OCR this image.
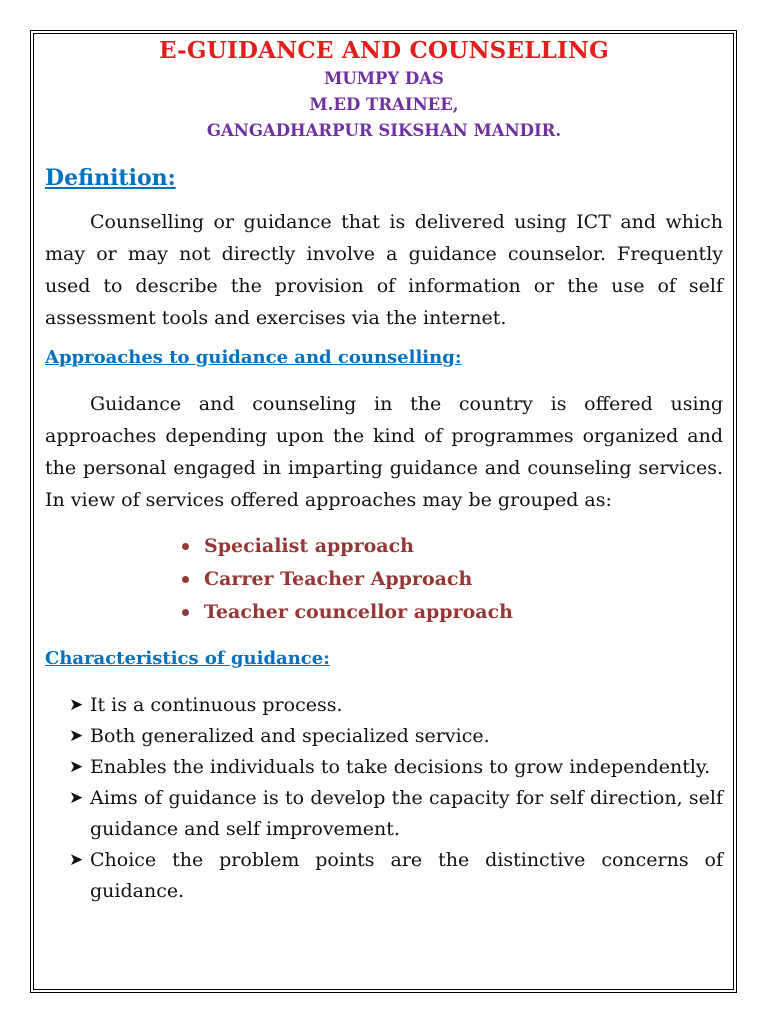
E-GUIDANCE AND COUNSELLING

MUMPY DAS

M.ED TRAINEE,

GANGADHARPUR SIKSHAN MANDIR.

Definition:

Counselling or guidance that is delivered using ICT and which may or may not directly involve a guidance counselor. Frequently used to describe the provision of information or the use of self assessment tools and exercises via the internet.

Approaches to guidance and counselling:

Guidance and counseling in the country is offered using approaches depending upon the kind of programmes organized and the personal engaged in imparting guidance and counseling services. In view of services offered approaches may be grouped as:

Specialist approach
Carrer Teacher Approach
Teacher councellor approach
Characteristics of guidance:
➤ It is a continuous process.
➤ Both generalized and specialized service.
➤ Enables the individuals to take decisions to grow independently.
➤ Aims of guidance is to develop the capacity for self direction, self guidance and self improvement.
➤ Choice the problem points are the distinctive concerns of guidance.
